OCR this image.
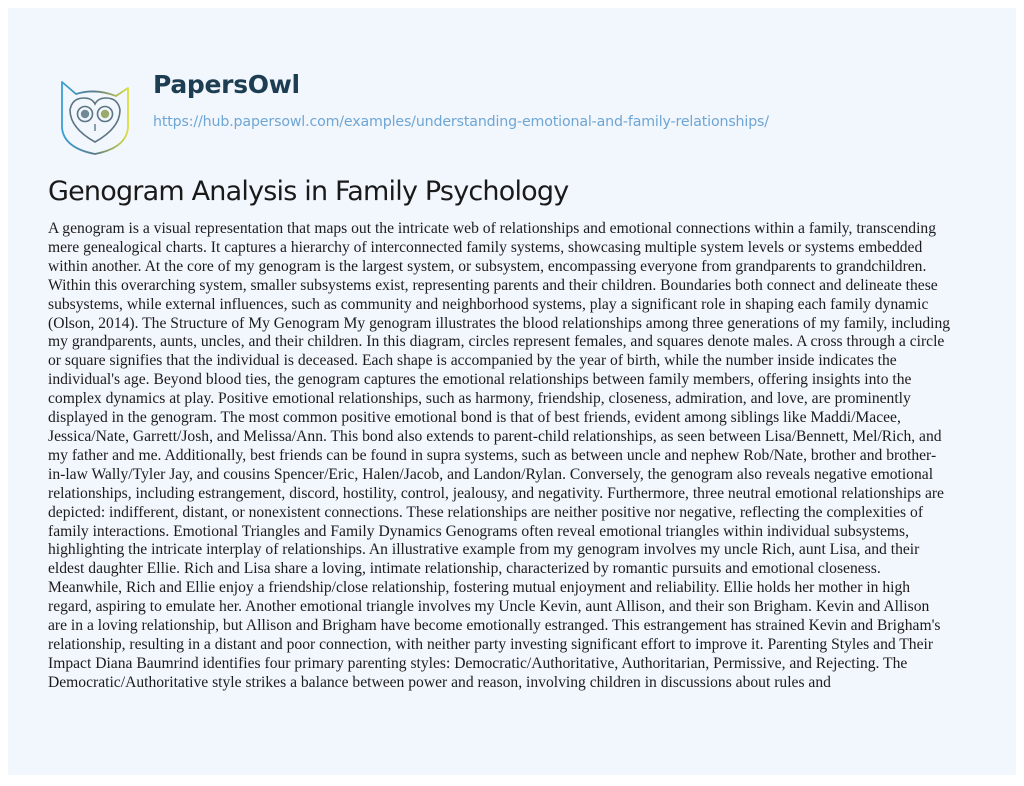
PapersOwl
https://hub.papersowl.com/examples/understanding-emotional-and-family-relationships/
Genogram Analysis in Family Psychology

A genogram is a visual representation that maps out the intricate web of relationships and emotional connections within a family, transcending
mere genealogical charts. It captures a hierarchy of interconnected family systems, showcasing multiple system levels or systems embedded
within another. At the core of my genogram is the largest system, or subsystem, encompassing everyone from grandparents to grandchildren.
Within this overarching system, smaller subsystems exist, representing parents and their children. Boundaries both connect and delineate these
subsystems, while external influences, such as community and neighborhood systems, play a significant role in shaping each family dynamic
(Olson, 2014). The Structure of My Genogram My genogram illustrates the blood relationships among three generations of my family, including
my grandparents, aunts, uncles, and their children. In this diagram, circles represent females, and squares denote males. A cross through a circle
or square signifies that the individual is deceased. Each shape is accompanied by the year of birth, while the number inside indicates the
individual's age. Beyond blood ties, the genogram captures the emotional relationships between family members, offering insights into the
complex dynamics at play. Positive emotional relationships, such as harmony, friendship, closeness, admiration, and love, are prominently
displayed in the genogram. The most common positive emotional bond is that of best friends, evident among siblings like Maddi/Macee,
Jessica/Nate, Garrett/Josh, and Melissa/Ann. This bond also extends to parent-child relationships, as seen between Lisa/Bennett, Mel/Rich, and
my father and me. Additionally, best friends can be found in supra systems, such as between uncle and nephew Rob/Nate, brother and brother-
in-law Wally/Tyler Jay, and cousins Spencer/Eric, Halen/Jacob, and Landon/Rylan. Conversely, the genogram also reveals negative emotional
relationships, including estrangement, discord, hostility, control, jealousy, and negativity. Furthermore, three neutral emotional relationships are
depicted: indifferent, distant, or nonexistent connections. These relationships are neither positive nor negative, reflecting the complexities of
family interactions. Emotional Triangles and Family Dynamics Genograms often reveal emotional triangles within individual subsystems,
highlighting the intricate interplay of relationships. An illustrative example from my genogram involves my uncle Rich, aunt Lisa, and their
eldest daughter Ellie. Rich and Lisa share a loving, intimate relationship, characterized by romantic pursuits and emotional closeness.
Meanwhile, Rich and Ellie enjoy a friendship/close relationship, fostering mutual enjoyment and reliability. Ellie holds her mother in high
regard, aspiring to emulate her. Another emotional triangle involves my Uncle Kevin, aunt Allison, and their son Brigham. Kevin and Allison
are in a loving relationship, but Allison and Brigham have become emotionally estranged. This estrangement has strained Kevin and Brigham's
relationship, resulting in a distant and poor connection, with neither party investing significant effort to improve it. Parenting Styles and Their
Impact Diana Baumrind identifies four primary parenting styles: Democratic/Authoritative, Authoritarian, Permissive, and Rejecting. The
Democratic/Authoritative style strikes a balance between power and reason, involving children in discussions about rules and
